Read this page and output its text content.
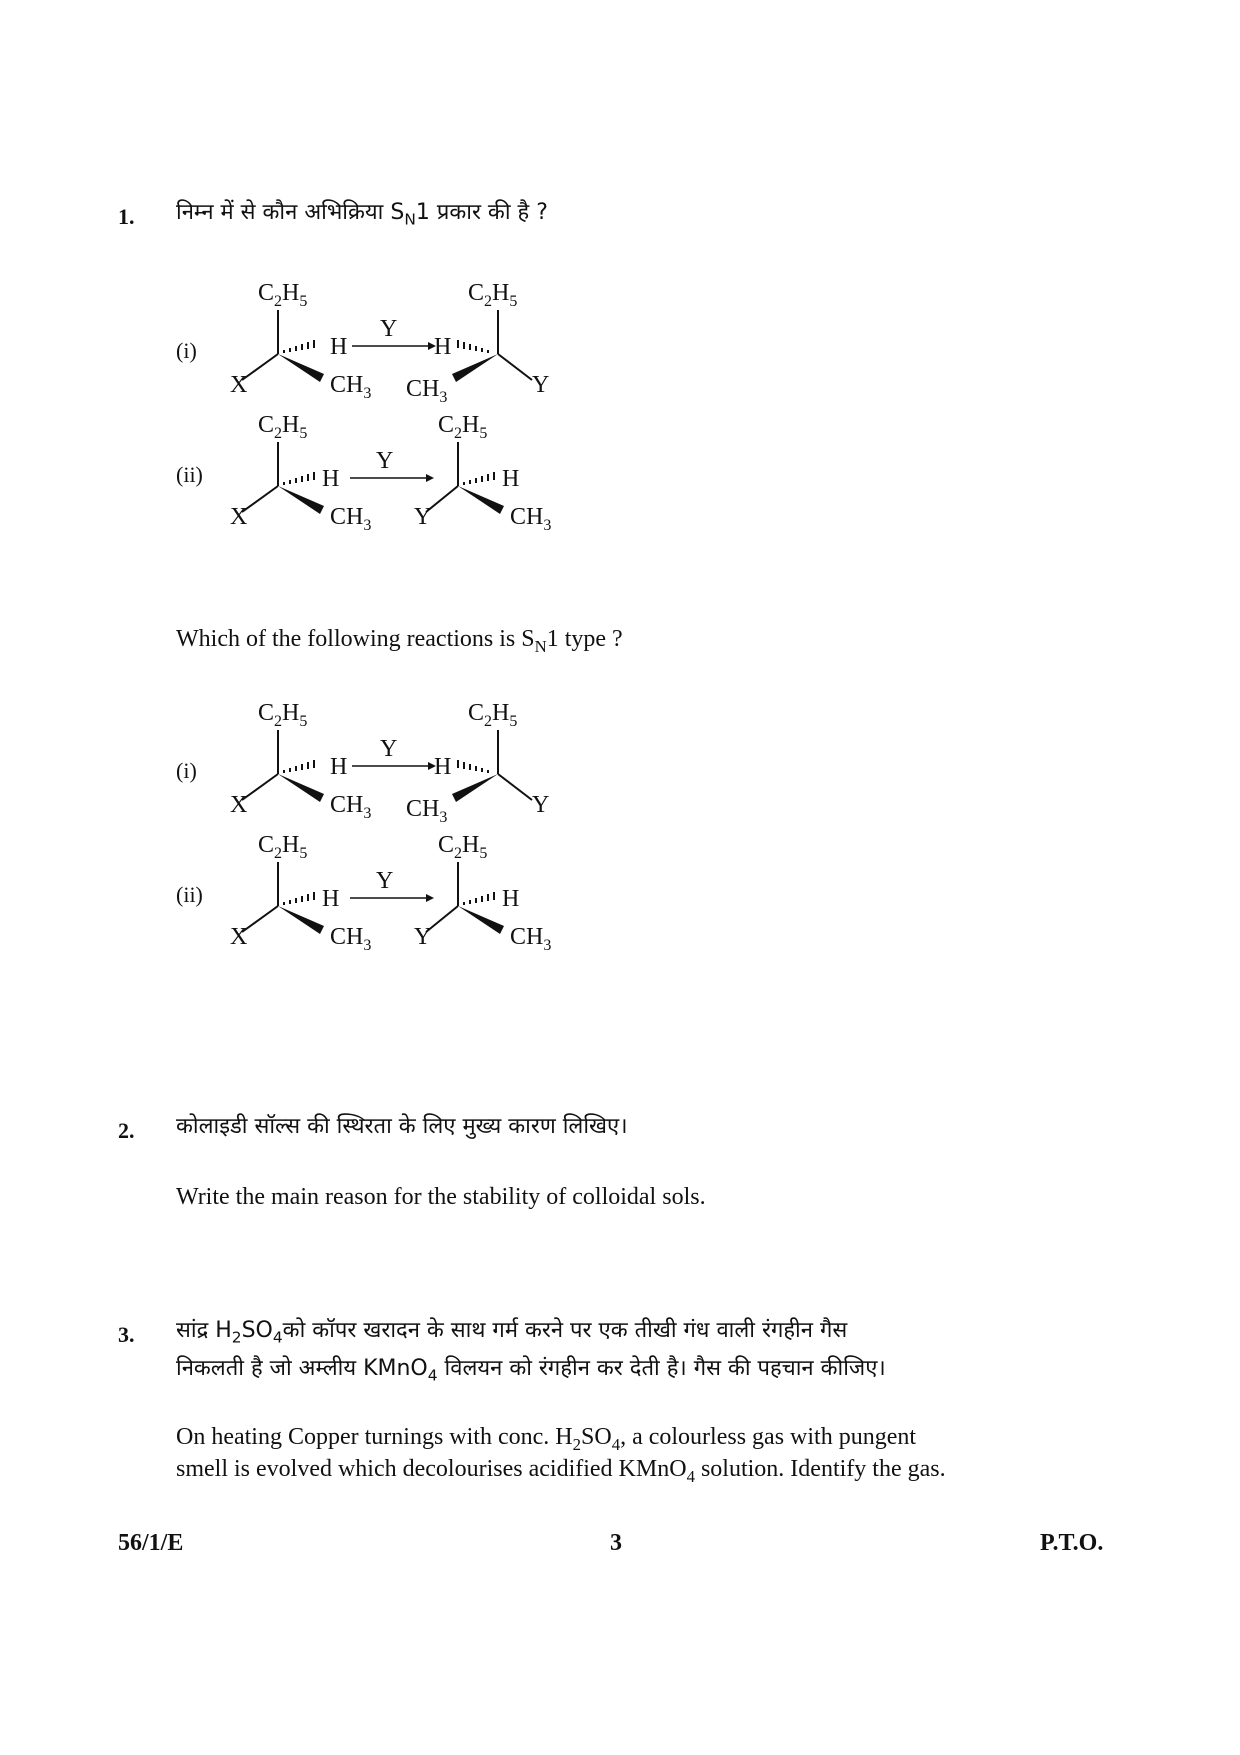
1. निम्न में से कौन अभिक्रिया $S_N1$ प्रकार की है ?
(i)
$C_2H_5$
X
H
$CH_3$
Y
$C_2H_5$
Y
H
$CH_3$
(ii)
$C_2H_5$
X
H
$CH_3$
Y
$C_2H_5$
Y
H
$CH_3$
Which of the following reactions is $S_N1$ type ?
(i)
$C_2H_5$
X
H
$CH_3$
Y
$C_2H_5$
Y
H
$CH_3$
(ii)
$C_2H_5$
X
H
$CH_3$
Y
$C_2H_5$
Y
H
$CH_3$
2. कोलाइडी सॉल्स की स्थिरता के लिए मुख्य कारण लिखिए।
Write the main reason for the stability of colloidal sols.
3. सांद्र $H_2SO_4को$ कॉपर खरादन के साथ गर्म करने पर एक तीखी गंध वाली रंगहीन गैस
निकलती है जो अम्लीय KMnO$_4$ विलयन को रंगहीन कर देती है। गैस की पहचान कीजिए।
On heating Copper turnings with conc. $H_2SO_4$, a colourless gas with pungent
smell is evolved which decolourises acidified KMnO$_4$ solution. Identify the gas.
56/1/E	3	P.T.O.
